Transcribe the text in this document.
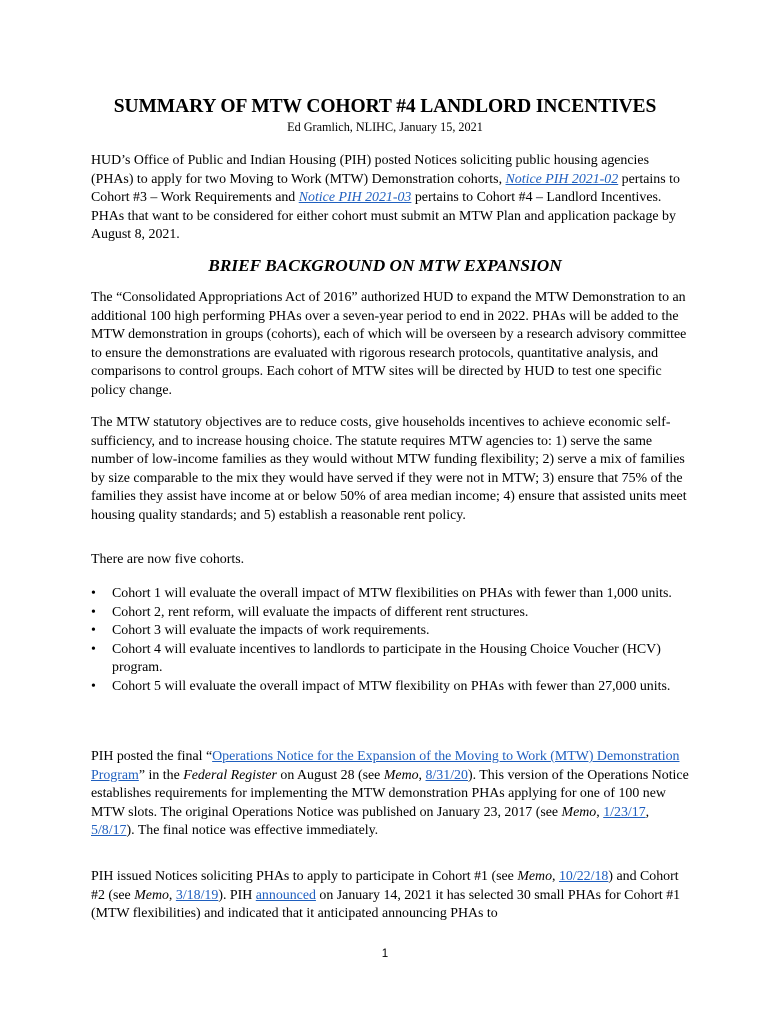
SUMMARY OF MTW COHORT #4 LANDLORD INCENTIVES
Ed Gramlich, NLIHC, January 15, 2021

HUD’s Office of Public and Indian Housing (PIH) posted Notices soliciting public housing agencies (PHAs) to apply for two Moving to Work (MTW) Demonstration cohorts, Notice PIH 2021-02 pertains to Cohort #3 – Work Requirements and Notice PIH 2021-03 pertains to Cohort #4 – Landlord Incentives. PHAs that want to be considered for either cohort must submit an MTW Plan and application package by August 8, 2021.

BRIEF BACKGROUND ON MTW EXPANSION

The “Consolidated Appropriations Act of 2016” authorized HUD to expand the MTW Demonstration to an additional 100 high performing PHAs over a seven-year period to end in 2022. PHAs will be added to the MTW demonstration in groups (cohorts), each of which will be overseen by a research advisory committee to ensure the demonstrations are evaluated with rigorous research protocols, quantitative analysis, and comparisons to control groups. Each cohort of MTW sites will be directed by HUD to test one specific policy change.

The MTW statutory objectives are to reduce costs, give households incentives to achieve economic self-sufficiency, and to increase housing choice. The statute requires MTW agencies to: 1) serve the same number of low-income families as they would without MTW funding flexibility; 2) serve a mix of families by size comparable to the mix they would have served if they were not in MTW; 3) ensure that 75% of the families they assist have income at or below 50% of area median income; 4) ensure that assisted units meet housing quality standards; and 5) establish a reasonable rent policy.

There are now five cohorts.

• Cohort 1 will evaluate the overall impact of MTW flexibilities on PHAs with fewer than 1,000 units.
• Cohort 2, rent reform, will evaluate the impacts of different rent structures.
• Cohort 3 will evaluate the impacts of work requirements.
• Cohort 4 will evaluate incentives to landlords to participate in the Housing Choice Voucher (HCV) program.
• Cohort 5 will evaluate the overall impact of MTW flexibility on PHAs with fewer than 27,000 units.

PIH posted the final “Operations Notice for the Expansion of the Moving to Work (MTW) Demonstration Program” in the Federal Register on August 28 (see Memo, 8/31/20). This version of the Operations Notice establishes requirements for implementing the MTW demonstration PHAs applying for one of 100 new MTW slots. The original Operations Notice was published on January 23, 2017 (see Memo, 1/23/17, 5/8/17). The final notice was effective immediately.

PIH issued Notices soliciting PHAs to apply to participate in Cohort #1 (see Memo, 10/22/18) and Cohort #2 (see Memo, 3/18/19). PIH announced on January 14, 2021 it has selected 30 small PHAs for Cohort #1 (MTW flexibilities) and indicated that it anticipated announcing PHAs to

1
